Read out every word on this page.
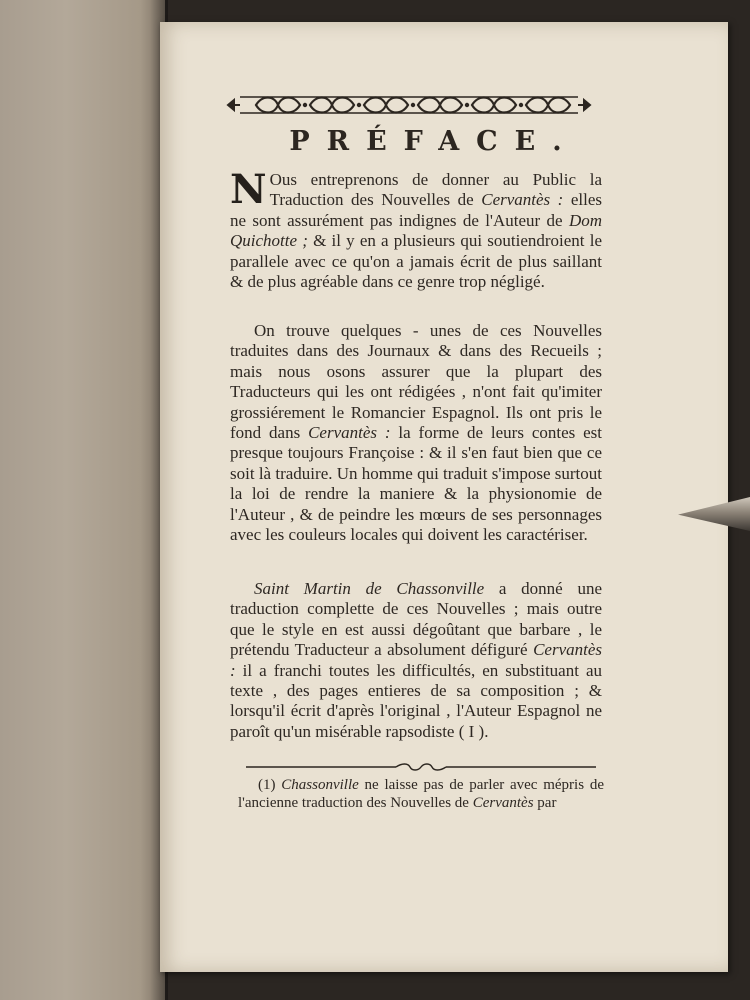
PRÉFACE.
N Ous entreprenons de donner au Public la Traduction des Nouvelles de Cervantès : elles ne sont assurément pas indignes de l'Auteur de Dom Quichotte ; & il y en a plusieurs qui soutiendroient le parallele avec ce qu'on a jamais écrit de plus saillant & de plus agréable dans ce genre trop négligé.
On trouve quelques - unes de ces Nouvelles traduites dans des Journaux & dans des Recueils ; mais nous osons assurer que la plupart des Traducteurs qui les ont rédigées , n'ont fait qu'imiter grossiérement le Romancier Espagnol. Ils ont pris le fond dans Cervantès : la forme de leurs contes est presque toujours Françoise : & il s'en faut bien que ce soit là traduire. Un homme qui traduit s'impose surtout la loi de rendre la maniere & la physionomie de l'Auteur , & de peindre les mœurs de ses personnages avec les couleurs locales qui doivent les caractériser.
Saint Martin de Chassonville a donné une traduction complette de ces Nouvelles ; mais outre que le style en est aussi dégoûtant que barbare , le prétendu Traducteur a absolument défiguré Cervantès : il a franchi toutes les difficultés, en substituant au texte , des pages entieres de sa composition ; & lorsqu'il écrit d'après l'original , l'Auteur Espagnol ne paroît qu'un misérable rapsodiste ( I ).
(1) Chassonville ne laisse pas de parler avec mépris de l'ancienne traduction des Nouvelles de Cervantès par
